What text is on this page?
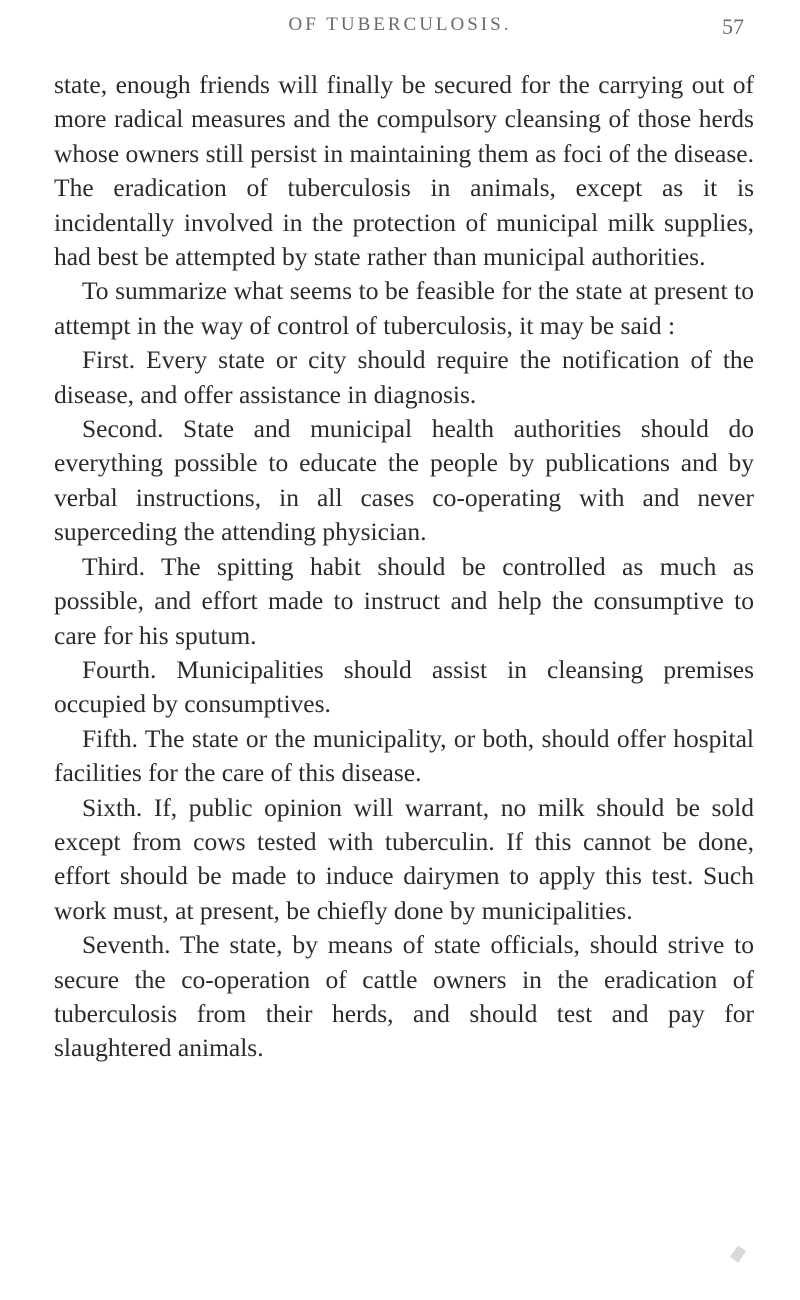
OF TUBERCULOSIS.	57

state, enough friends will finally be secured for the carrying out of more radical measures and the compulsory cleansing of those herds whose owners still persist in maintaining them as foci of the disease. The eradication of tuberculosis in animals, except as it is incidentally involved in the protection of municipal milk supplies, had best be attempted by state rather than municipal authorities.

To summarize what seems to be feasible for the state at present to attempt in the way of control of tuberculosis, it may be said :

First. Every state or city should require the notification of the disease, and offer assistance in diagnosis.

Second. State and municipal health authorities should do everything possible to educate the people by publications and by verbal instructions, in all cases co-operating with and never superceding the attending physician.

Third. The spitting habit should be controlled as much as possible, and effort made to instruct and help the consumptive to care for his sputum.

Fourth. Municipalities should assist in cleansing premises occupied by consumptives.

Fifth. The state or the municipality, or both, should offer hospital facilities for the care of this disease.

Sixth. If, public opinion will warrant, no milk should be sold except from cows tested with tuberculin. If this cannot be done, effort should be made to induce dairymen to apply this test. Such work must, at present, be chiefly done by municipalities.

Seventh. The state, by means of state officials, should strive to secure the co-operation of cattle owners in the eradication of tuberculosis from their herds, and should test and pay for slaughtered animals.
